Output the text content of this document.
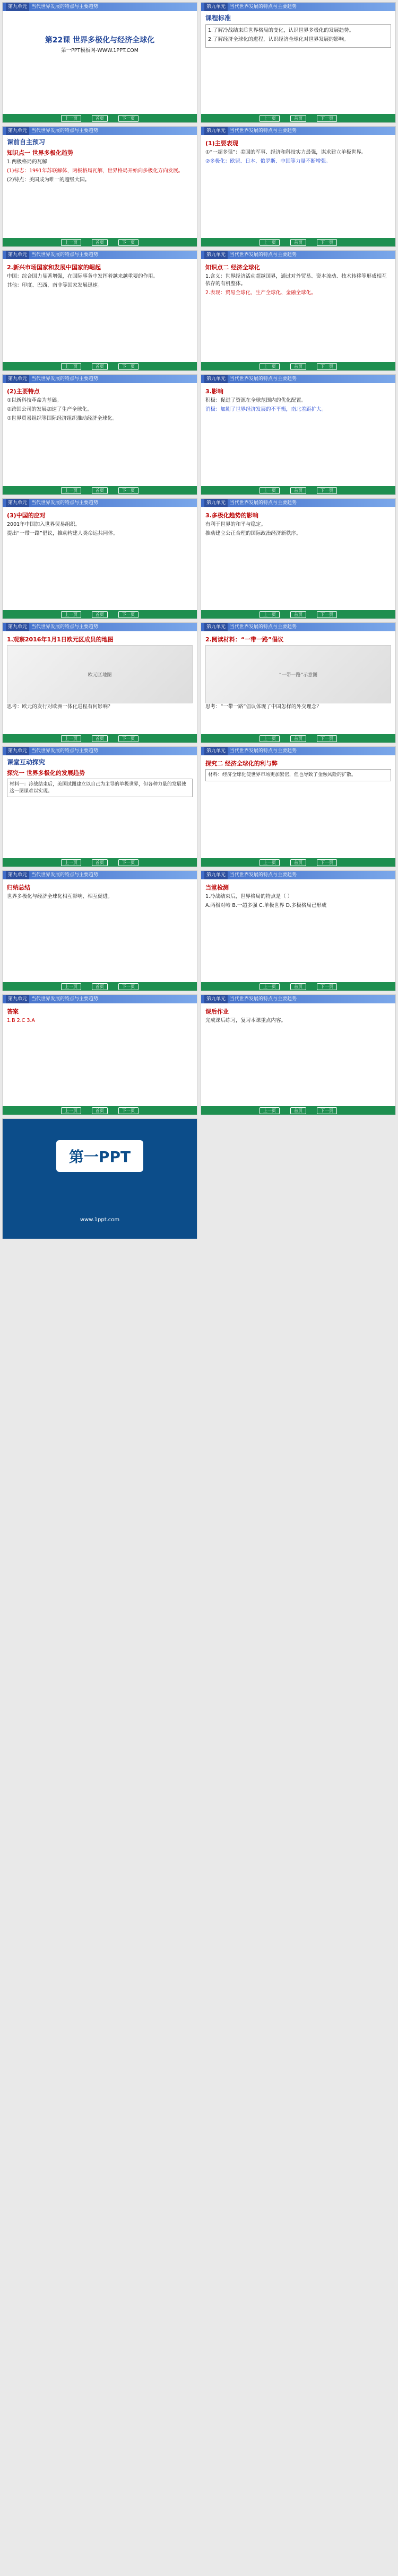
第九单元 当代世界发展的特点与主要趋势
第22课 世界多极化与经济全球化
第一PPT模板网-WWW.1PPT.COM
上一页	首页	下一页
第九单元 当代世界发展的特点与主要趋势
课程标准
1.了解冷战结束后世界格局的变化，认识世界多极化的发展趋势。
2.了解经济全球化的进程，认识经济全球化对世界发展的影响。
上一页	首页	下一页
第九单元 当代世界发展的特点与主要趋势
课前自主预习
知识点一 世界多极化趋势
1.两极格局的瓦解
(1)标志：1991年苏联解体，两极格局瓦解，世界格局开始向多极化方向发展。
(2)特点：美国成为唯一的超级大国。
上一页	首页	下一页
第九单元 当代世界发展的特点与主要趋势
(1)主要表现
①“一超多强”：美国的军事、经济和科技实力最强，谋求建立单极世界。
②多极化：欧盟、日本、俄罗斯、中国等力量不断增强。
上一页	首页	下一页
第九单元 当代世界发展的特点与主要趋势
2.新兴市场国家和发展中国家的崛起
中国：综合国力显著增强，在国际事务中发挥着越来越重要的作用。
其他：印度、巴西、南非等国家发展迅速。
上一页	首页	下一页
第九单元 当代世界发展的特点与主要趋势
知识点二 经济全球化
1.含义：世界经济活动超越国界，通过对外贸易、资本流动、技术转移等形成相互依存的有机整体。
2.表现：贸易全球化、生产全球化、金融全球化。
上一页	首页	下一页
第九单元 当代世界发展的特点与主要趋势
(2)主要特点
①以新科技革命为基础。
②跨国公司的发展加速了生产全球化。
③世界贸易组织等国际经济组织推动经济全球化。
上一页	首页	下一页
第九单元 当代世界发展的特点与主要趋势
3.影响
积极：促进了资源在全球范围内的优化配置。
消极：加剧了世界经济发展的不平衡，南北差距扩大。
上一页	首页	下一页
第九单元 当代世界发展的特点与主要趋势
(3)中国的应对
2001年中国加入世界贸易组织。
提出“一带一路”倡议，推动构建人类命运共同体。
上一页	首页	下一页
第九单元 当代世界发展的特点与主要趋势
3.多极化趋势的影响
有利于世界的和平与稳定。
推动建立公正合理的国际政治经济新秩序。
上一页	首页	下一页
第九单元 当代世界发展的特点与主要趋势
1.观察2016年1月1日欧元区成员的地图
欧元区地图
思考：欧元的发行对欧洲一体化进程有何影响？
上一页	首页	下一页
第九单元 当代世界发展的特点与主要趋势
2.阅读材料：“一带一路”倡议
“一带一路”示意图
思考：“一带一路”倡议体现了中国怎样的外交理念？
上一页	首页	下一页
第九单元 当代世界发展的特点与主要趋势
课堂互动探究
探究一 世界多极化的发展趋势
材料一：冷战结束后，美国试图建立以自己为主导的单极世界，但各种力量的发展使这一图谋难以实现。
上一页	首页	下一页
第九单元 当代世界发展的特点与主要趋势
探究二 经济全球化的利与弊
材料：经济全球化使世界市场更加紧密，但也导致了金融风险的扩散。
上一页	首页	下一页
第九单元 当代世界发展的特点与主要趋势
归纳总结
世界多极化与经济全球化相互影响、相互促进。
上一页	首页	下一页
第九单元 当代世界发展的特点与主要趋势
当堂检测
1.冷战结束后，世界格局的特点是（ ）
A.两极对峙 B.一超多强 C.单极世界 D.多极格局已形成
上一页	首页	下一页
第九单元 当代世界发展的特点与主要趋势
答案
1.B 2.C 3.A
上一页	首页	下一页
第九单元 当代世界发展的特点与主要趋势
课后作业
完成课后练习，复习本课重点内容。
上一页	首页	下一页
第一PPT
www.1ppt.com
